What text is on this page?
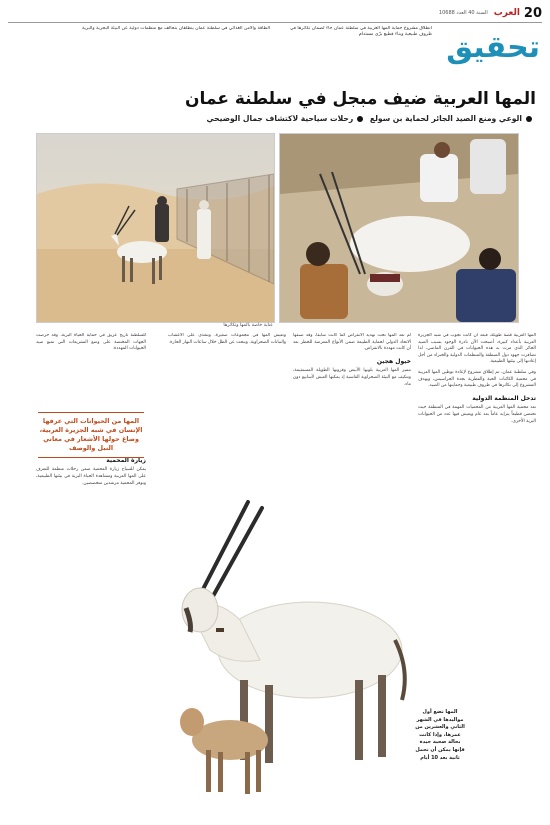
20
العرب
السنة 40 العدد 10688
انطلاق مشروع حماية المها العربية في سلطنة عمان جاء لضمان تكاثرها في ظروف طبيعية وبناء قطيع برّي مستدام
الطاقة والأمن الغذائي في سلطنة عمان ينطلقان بتحالف مع منظمات دولية عن البيئة البحرية والبرية
تحقيق
المها العربية ضيف مبجل في سلطنة عمان
الوعي ومنع الصيد الجائر لحماية بن سولع رحلات سياحية لاكتشاف جمال الوضيحي
عناية خاصة بالمها وتكاثرها

المها العربية قصة طويلة، فبعد أن كانت تجوب في شبه الجزيرة العربية بأعداد كبيرة، أصبحت الآن نادرة الوجود بسبب الصيد الجائر الذي مرت به هذه الحيوانات في القرن الماضي، لذا تضافرت جهود دول المنطقة والمنظمات الدولية والخبراء من أجل إعادتها إلى بيئتها الطبيعية.

وفي سلطنة عمان، تم إطلاق مشروع لإعادة توطين المها العربية في محمية الكائنات الحية والفطرية بجدة الحراسيس، ويهدف المشروع إلى تكاثرها في ظروف طبيعية وحمايتها من الصيد.

تدخل المنظمة الدولية

تعد محمية المها العربية من المحميات المهمة في المنطقة حيث تحتضن قطيعاً يتزايد عاماً بعد عام ويعيش فيها عدد من الحيوانات البرية الأخرى.

لم تعد المها تحت تهديد الانقراض كما كانت سابقاً، وقد صنفها الاتحاد الدولي لحماية الطبيعة ضمن الأنواع المعرضة للخطر بعد أن كانت مهددة بالانقراض.

خيول هجين

تتميز المها العربية بلونها الأبيض وقرونها الطويلة المستقيمة، وتتكيف مع البيئة الصحراوية القاسية إذ يمكنها العيش لأسابيع دون ماء.

وتعيش المها في مجموعات صغيرة، وتتغذى على الأعشاب والنباتات الصحراوية، وتبحث عن الظل خلال ساعات النهار الحارة.

للسلطنة تاريخ عريق في حماية الحياة البرية، وقد حرصت الجهات المختصة على وضع التشريعات التي تمنع صيد الحيوانات المهددة.

زيارة المحمية

يمكن للسياح زيارة المحمية ضمن رحلات منظمة للتعرف على المها العربية ومشاهدة الحياة البرية في بيئتها الطبيعية، وتوفر المحمية مرشدين متخصصين.

المها من الحيوانات التي عرفها الإنسان في شبه الجزيرة العربية، وصاغ حولها الأشعار في معاني النبل والوصف
المها تضع أول مواليدها في الشهر الثاني والعشرين من عمرها، وإذا كانت بحالة صحية جيدة فإنها يمكن أن تحمل ثانية بعد 10 أيام
